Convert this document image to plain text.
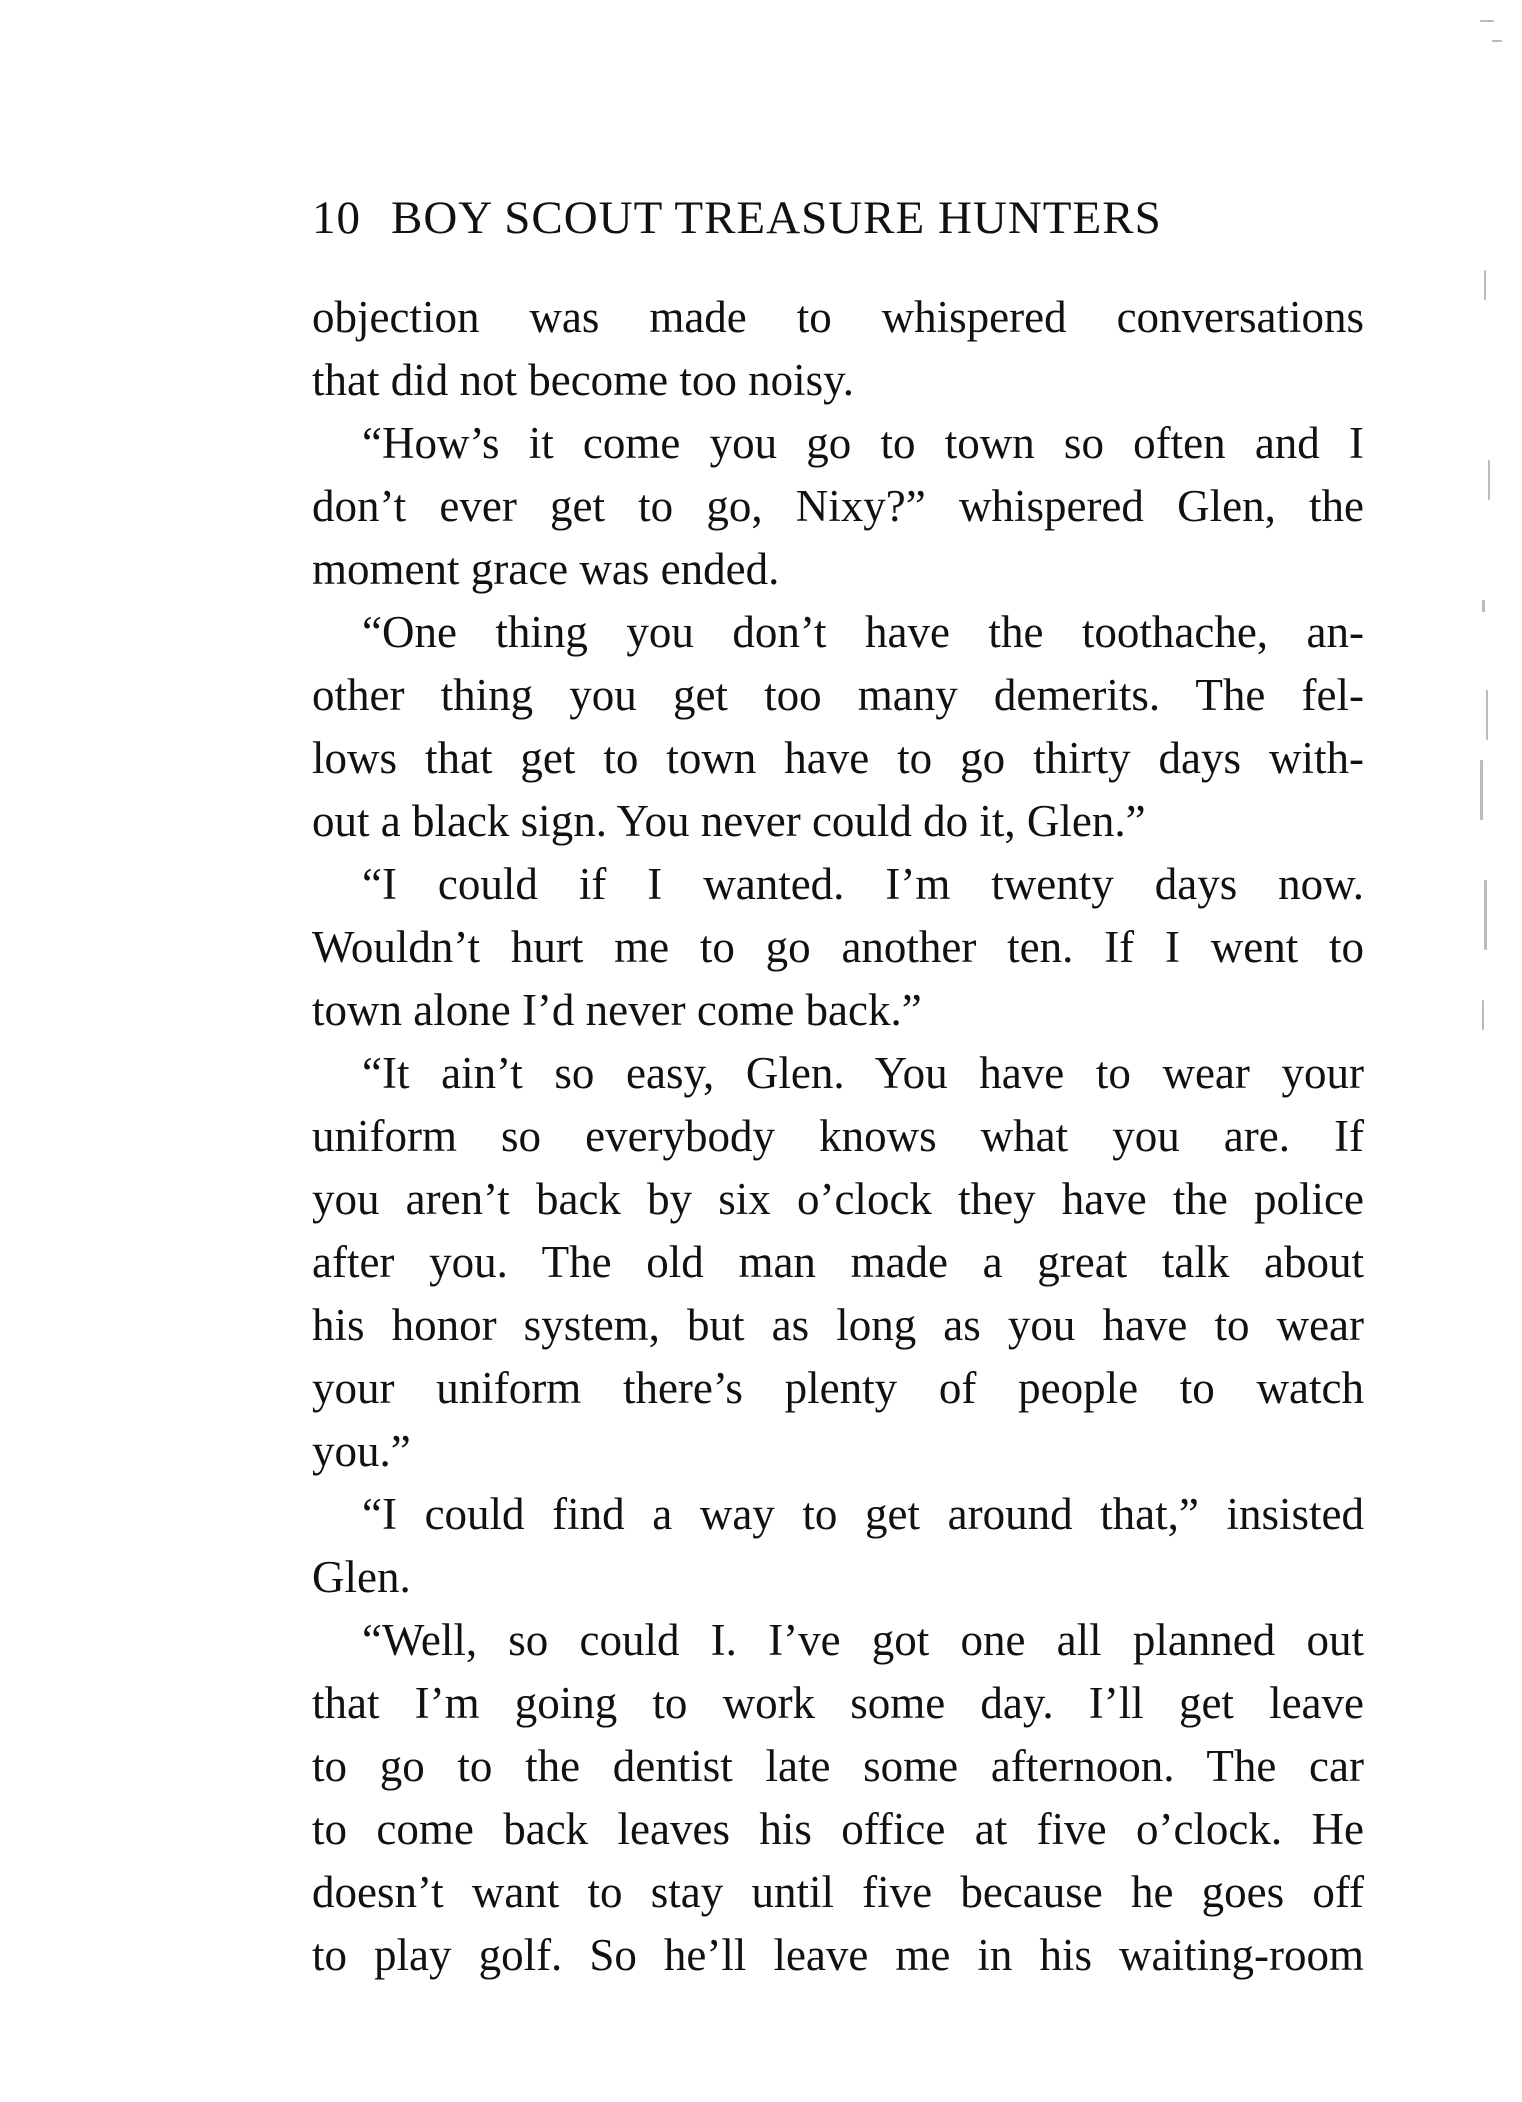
10 BOY SCOUT TREASURE HUNTERS
objection was made to whispered conversations
that did not become too noisy.
“How’s it come you go to town so often and I
don’t ever get to go, Nixy?” whispered Glen, the
moment grace was ended.
“One thing you don’t have the toothache, an-
other thing you get too many demerits. The fel-
lows that get to town have to go thirty days with-
out a black sign. You never could do it, Glen.”
“I could if I wanted. I’m twenty days now.
Wouldn’t hurt me to go another ten. If I went to
town alone I’d never come back.”
“It ain’t so easy, Glen. You have to wear your
uniform so everybody knows what you are. If
you aren’t back by six o’clock they have the police
after you. The old man made a great talk about
his honor system, but as long as you have to wear
your uniform there’s plenty of people to watch
you.”
“I could find a way to get around that,” insisted
Glen.
“Well, so could I. I’ve got one all planned out
that I’m going to work some day. I’ll get leave
to go to the dentist late some afternoon. The car
to come back leaves his office at five o’clock. He
doesn’t want to stay until five because he goes off
to play golf. So he’ll leave me in his waiting-room
